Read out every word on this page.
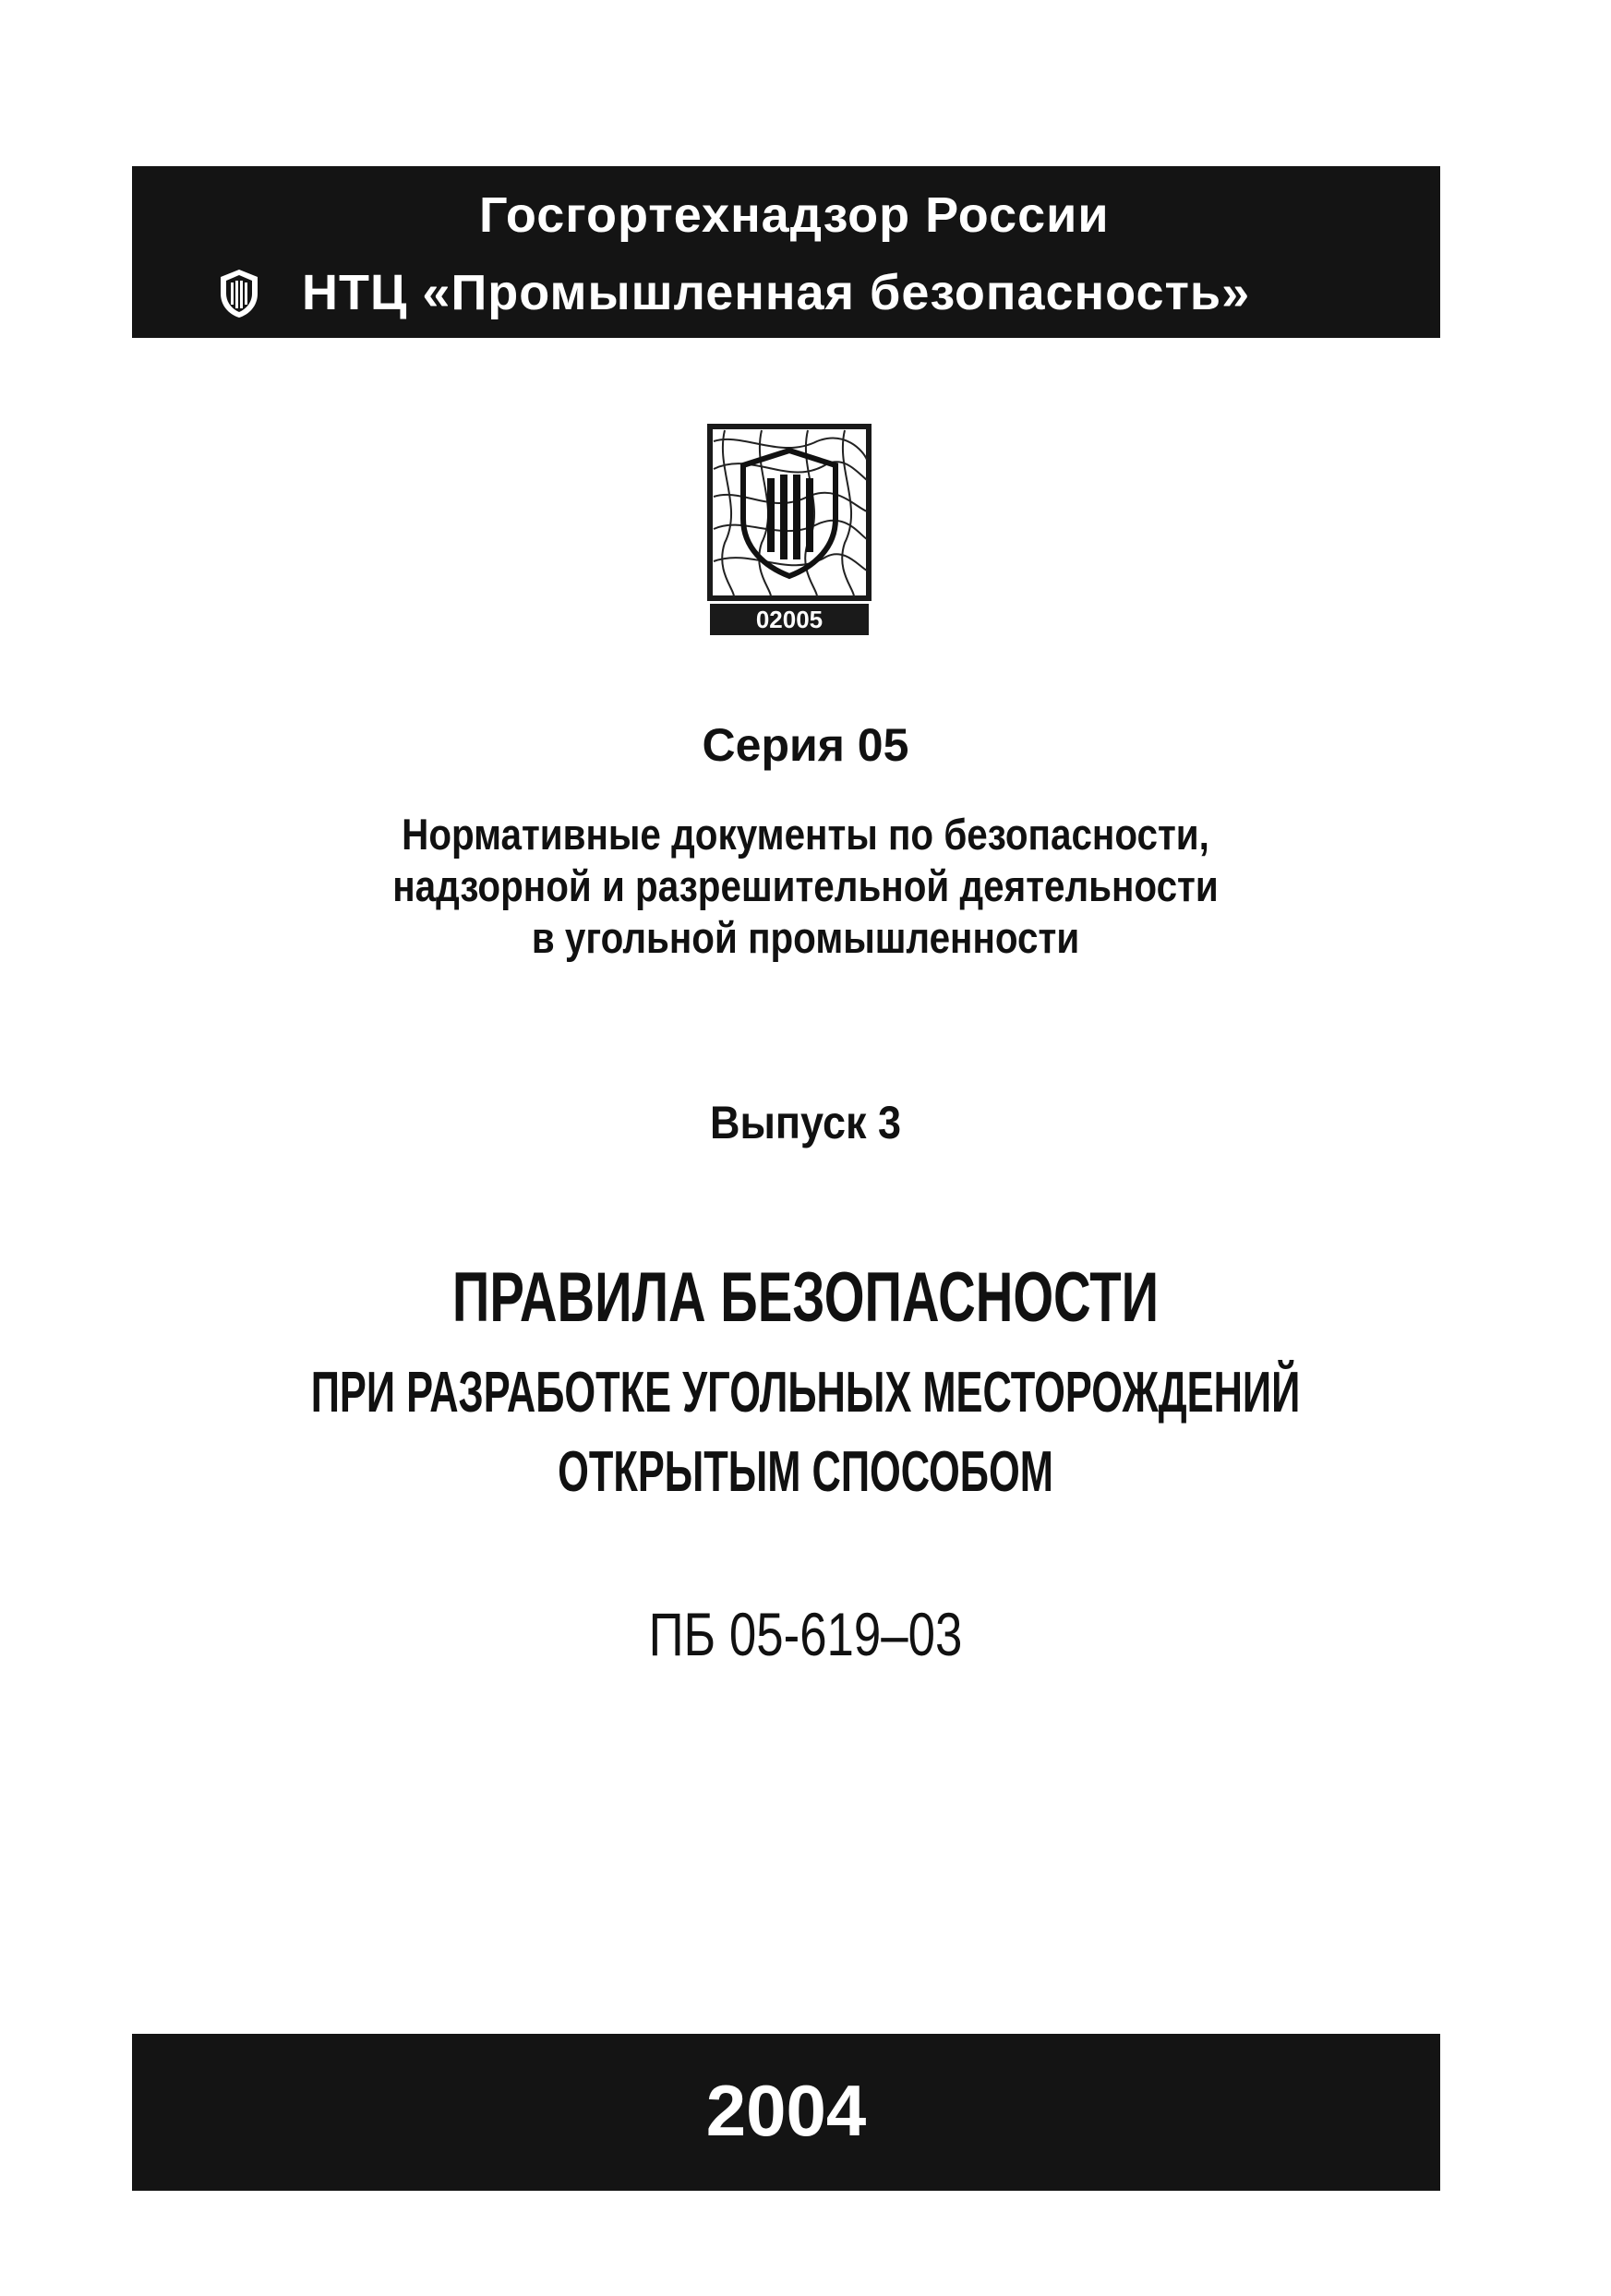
Госгортехнадзор России
НТЦ «Промышленная безопасность»
02005
Серия 05
Нормативные документы по безопасности,
надзорной и разрешительной деятельности
в угольной промышленности
Выпуск 3
ПРАВИЛА БЕЗОПАСНОСТИ
ПРИ РАЗРАБОТКЕ УГОЛЬНЫХ МЕСТОРОЖДЕНИЙ
ОТКРЫТЫМ СПОСОБОМ
ПБ 05-619–03
2004
